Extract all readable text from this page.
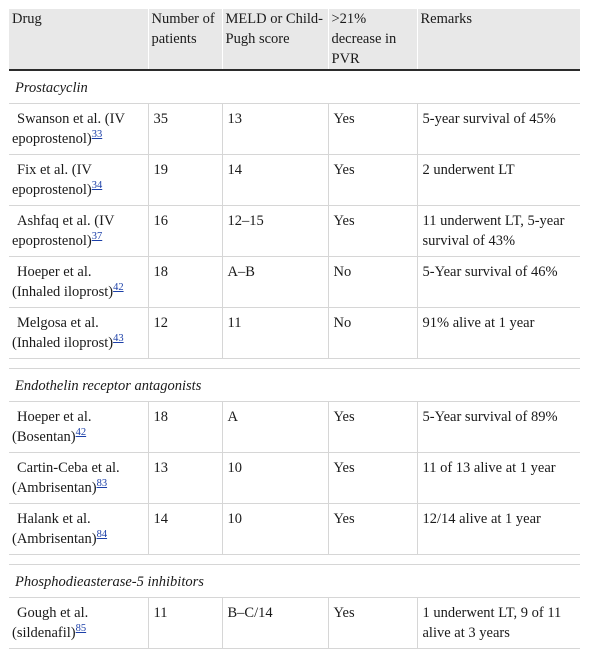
Drug	Number of patients	MELD or Child-Pugh score	>21% decrease in PVR	Remarks
Prostacyclin				
Swanson et al. (IV
epoprostenol)$^{33}$	35	13	Yes	5-year survival of 45%
Fix et al. (IV
epoprostenol)$^{34}$	19	14	Yes	2 underwent LT
Ashfaq et al. (IV
epoprostenol)$^{37}$	16	12–15	Yes	11 underwent LT, 5-year survival of 43%
Hoeper et al.
(Inhaled iloprost)$^{42}$	18	A–B	No	5-Year survival of 46%
Melgosa et al.
(Inhaled iloprost)$^{43}$	12	11	No	91% alive at 1 year

Endothelin receptor antagonists				
Hoeper et al.
(Bosentan)$^{42}$	18	A	Yes	5-Year survival of 89%
Cartin-Ceba et al.
(Ambrisentan)$^{83}$	13	10	Yes	11 of 13 alive at 1 year
Halank et al.
(Ambrisentan)$^{84}$	14	10	Yes	12/14 alive at 1 year

Phosphodieasterase-5 inhibitors				
Gough et al.
(sildenafil)$^{85}$	11	B–C/14	Yes	1 underwent LT, 9 of 11 alive at 3 years
